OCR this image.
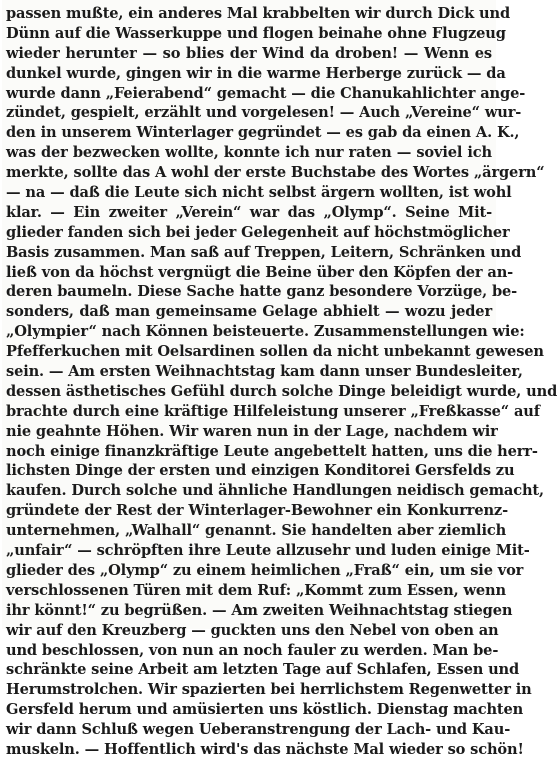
passen mußte, ein anderes Mal krabbelten wir durch Dick und
Dünn auf die Wasserkuppe und flogen beinahe ohne Flugzeug
wieder herunter — so blies der Wind da droben! — Wenn es
dunkel wurde, gingen wir in die warme Herberge zurück — da
wurde dann „Feierabend“ gemacht — die Chanukahlichter ange-
zündet, gespielt, erzählt und vorgelesen! — Auch „Vereine“ wur-
den in unserem Winterlager gegründet — es gab da einen A. K.,
was der bezwecken wollte, konnte ich nur raten — soviel ich
merkte, sollte das A wohl der erste Buchstabe des Wortes „ärgern“
— na — daß die Leute sich nicht selbst ärgern wollten, ist wohl
klar. — Ein zweiter „Verein“ war das „Olymp“. Seine Mit-
glieder fanden sich bei jeder Gelegenheit auf höchstmöglicher
Basis zusammen. Man saß auf Treppen, Leitern, Schränken und
ließ von da höchst vergnügt die Beine über den Köpfen der an-
deren baumeln. Diese Sache hatte ganz besondere Vorzüge, be-
sonders, daß man gemeinsame Gelage abhielt — wozu jeder
„Olympier“ nach Können beisteuerte. Zusammenstellungen wie:
Pfefferkuchen mit Oelsardinen sollen da nicht unbekannt gewesen
sein. — Am ersten Weihnachtstag kam dann unser Bundesleiter,
dessen ästhetisches Gefühl durch solche Dinge beleidigt wurde, und
brachte durch eine kräftige Hilfeleistung unserer „Freßkasse“ auf
nie geahnte Höhen. Wir waren nun in der Lage, nachdem wir
noch einige finanzkräftige Leute angebettelt hatten, uns die herr-
lichsten Dinge der ersten und einzigen Konditorei Gersfelds zu
kaufen. Durch solche und ähnliche Handlungen neidisch gemacht,
gründete der Rest der Winterlager-Bewohner ein Konkurrenz-
unternehmen, „Walhall“ genannt. Sie handelten aber ziemlich
„unfair“ — schröpften ihre Leute allzusehr und luden einige Mit-
glieder des „Olymp“ zu einem heimlichen „Fraß“ ein, um sie vor
verschlossenen Türen mit dem Ruf: „Kommt zum Essen, wenn
ihr könnt!“ zu begrüßen. — Am zweiten Weihnachtstag stiegen
wir auf den Kreuzberg — guckten uns den Nebel von oben an
und beschlossen, von nun an noch fauler zu werden. Man be-
schränkte seine Arbeit am letzten Tage auf Schlafen, Essen und
Herumstrolchen. Wir spazierten bei herrlichstem Regenwetter in
Gersfeld herum und amüsierten uns köstlich. Dienstag machten
wir dann Schluß wegen Ueberanstrengung der Lach- und Kau-
muskeln. — Hoffentlich wird's das nächste Mal wieder so schön!
